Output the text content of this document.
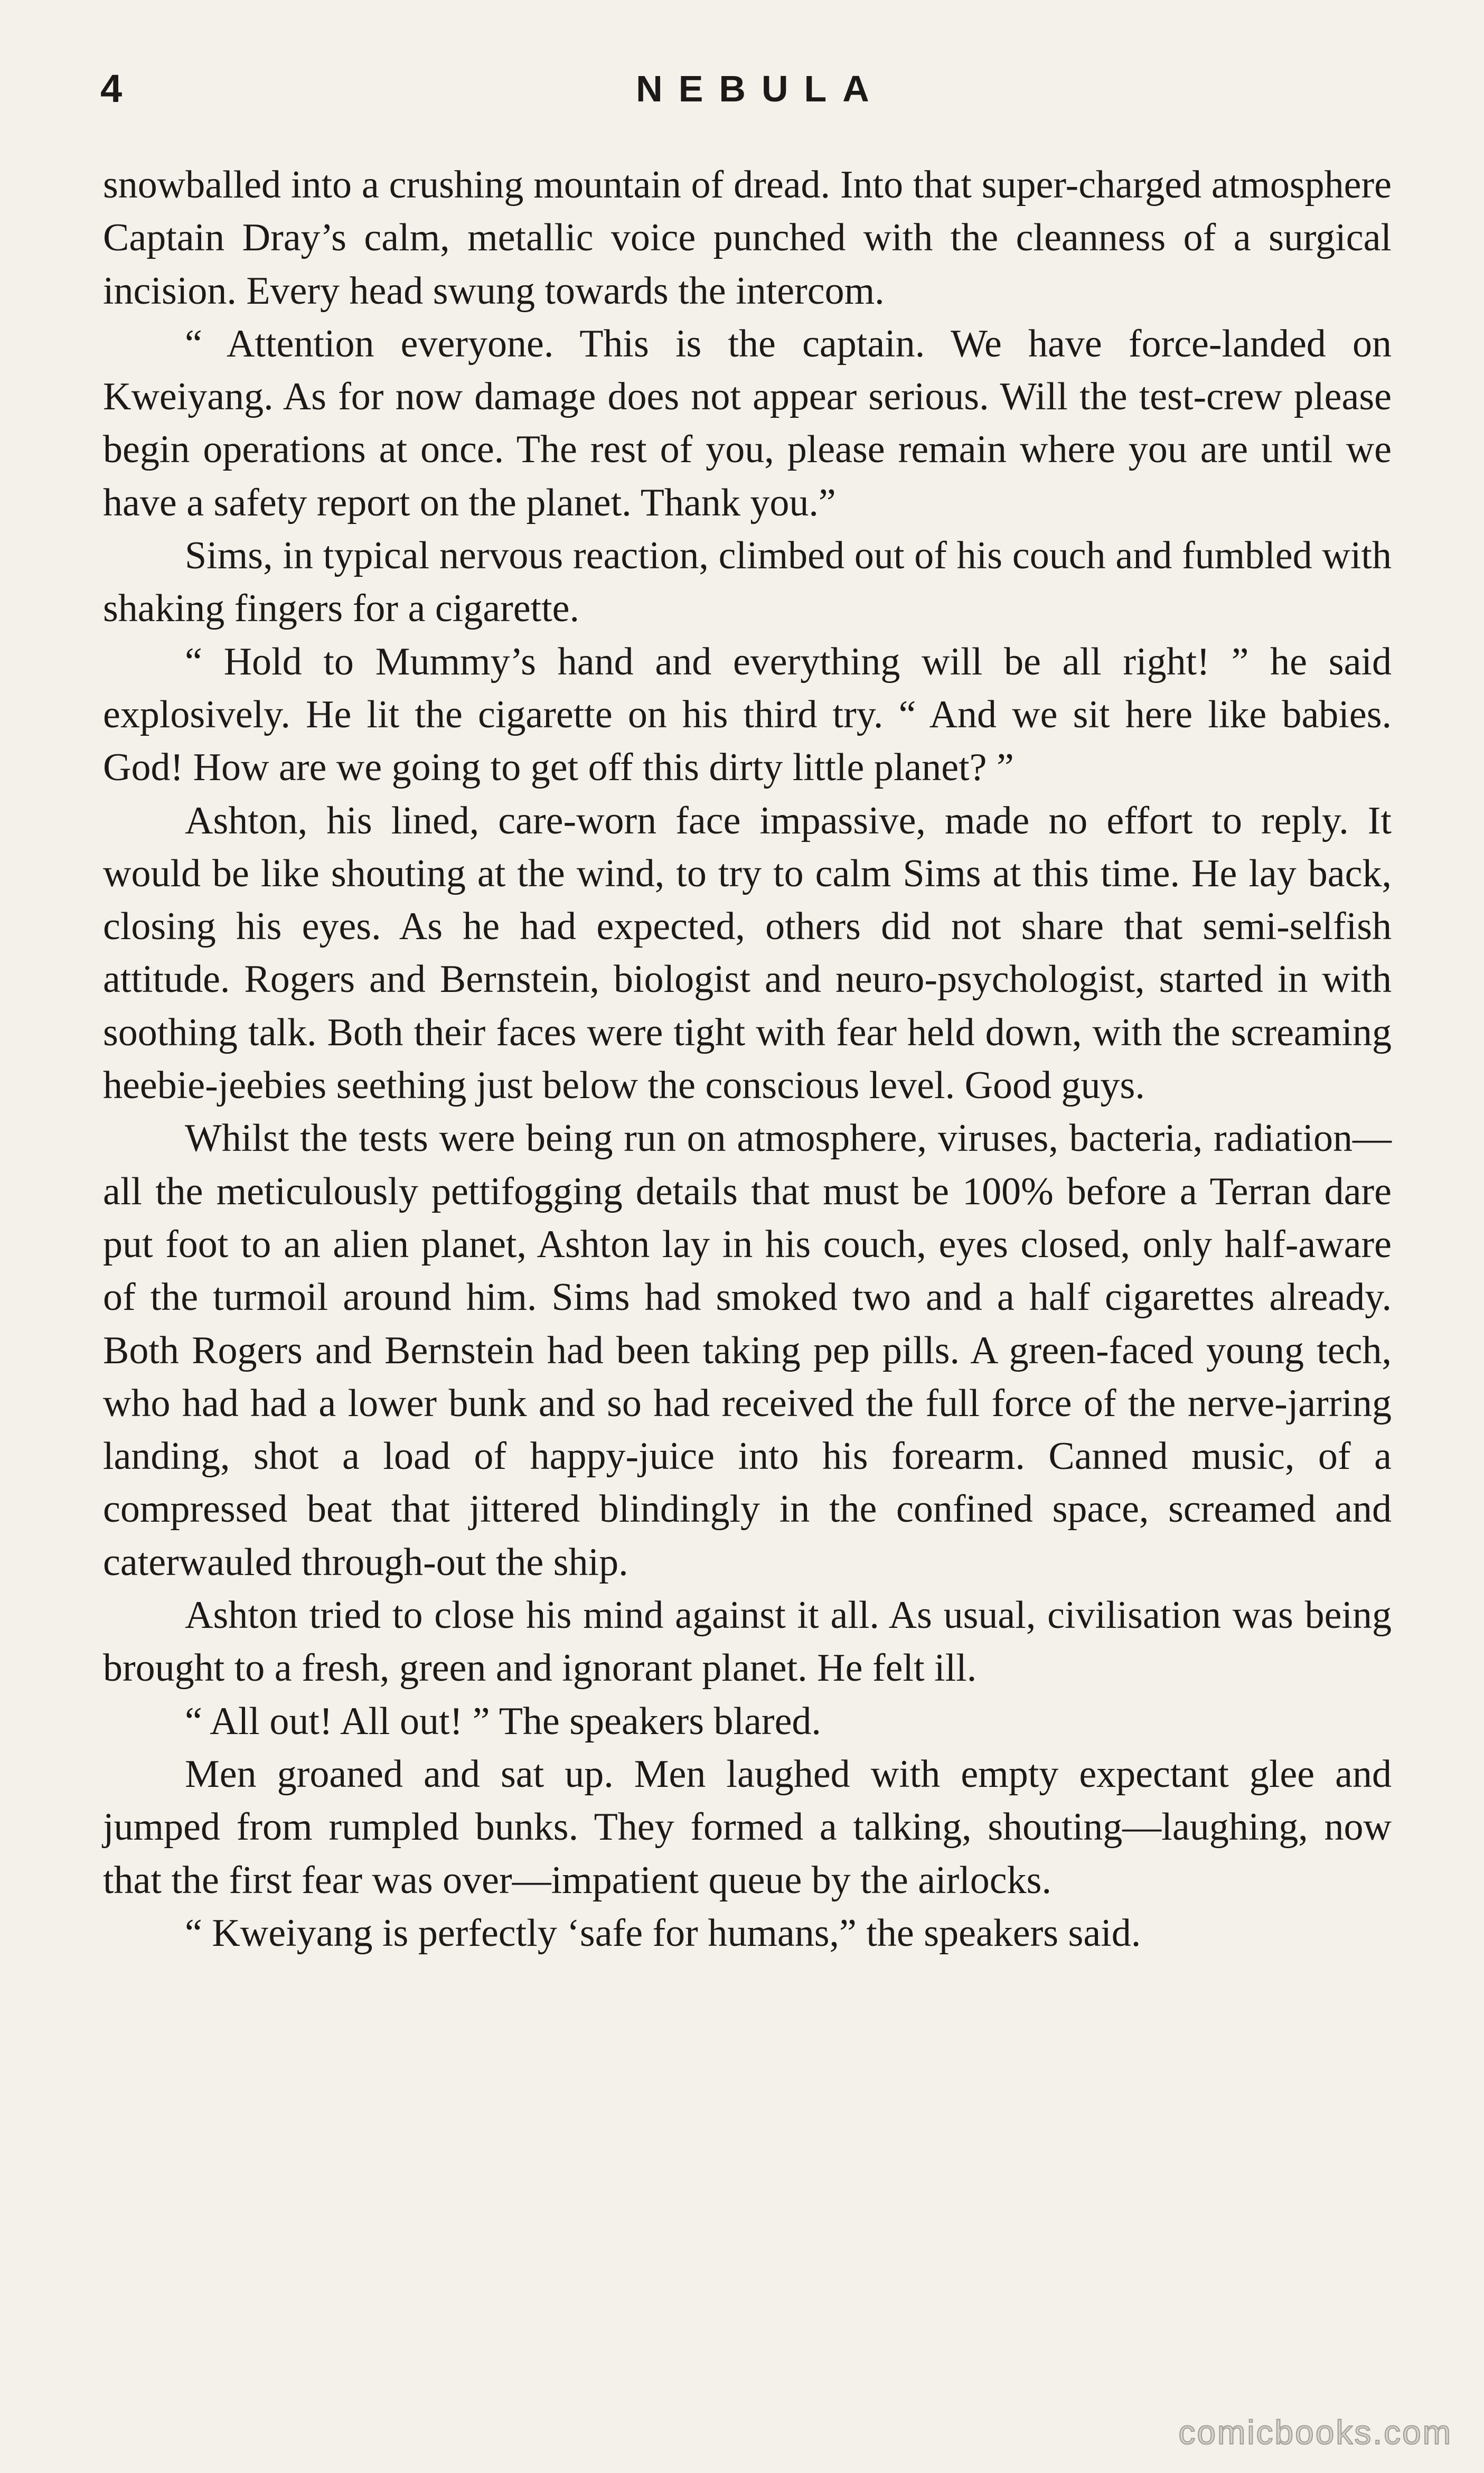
4	NEBULA

snowballed into a crushing mountain of dread. Into that super-charged atmosphere Captain Dray’s calm, metallic voice punched with the cleanness of a surgical incision. Every head swung towards the intercom.

“ Attention everyone. This is the captain. We have force-landed on Kweiyang. As for now damage does not appear serious. Will the test-crew please begin operations at once. The rest of you, please remain where you are until we have a safety report on the planet. Thank you.”

Sims, in typical nervous reaction, climbed out of his couch and fumbled with shaking fingers for a cigarette.

“ Hold to Mummy’s hand and everything will be all right! ” he said explosively. He lit the cigarette on his third try. “ And we sit here like babies. God! How are we going to get off this dirty little planet? ”

Ashton, his lined, care-worn face impassive, made no effort to reply. It would be like shouting at the wind, to try to calm Sims at this time. He lay back, closing his eyes. As he had expected, others did not share that semi-selfish attitude. Rogers and Bernstein, biologist and neuro-psychologist, started in with soothing talk. Both their faces were tight with fear held down, with the screaming heebie-jeebies seething just below the conscious level. Good guys.

Whilst the tests were being run on atmosphere, viruses, bacteria, radiation—all the meticulously pettifogging details that must be 100% before a Terran dare put foot to an alien planet, Ashton lay in his couch, eyes closed, only half-aware of the turmoil around him. Sims had smoked two and a half cigarettes already. Both Rogers and Bernstein had been taking pep pills. A green-faced young tech, who had had a lower bunk and so had received the full force of the nerve-jarring landing, shot a load of happy-juice into his forearm. Canned music, of a compressed beat that jittered blindingly in the confined space, screamed and caterwauled through-out the ship.

Ashton tried to close his mind against it all. As usual, civilisation was being brought to a fresh, green and ignorant planet. He felt ill.

“ All out! All out! ” The speakers blared.

Men groaned and sat up. Men laughed with empty expectant glee and jumped from rumpled bunks. They formed a talking, shouting—laughing, now that the first fear was over—impatient queue by the airlocks.

“ Kweiyang is perfectly ‘safe for humans,” the speakers said.

comicbooks.com
